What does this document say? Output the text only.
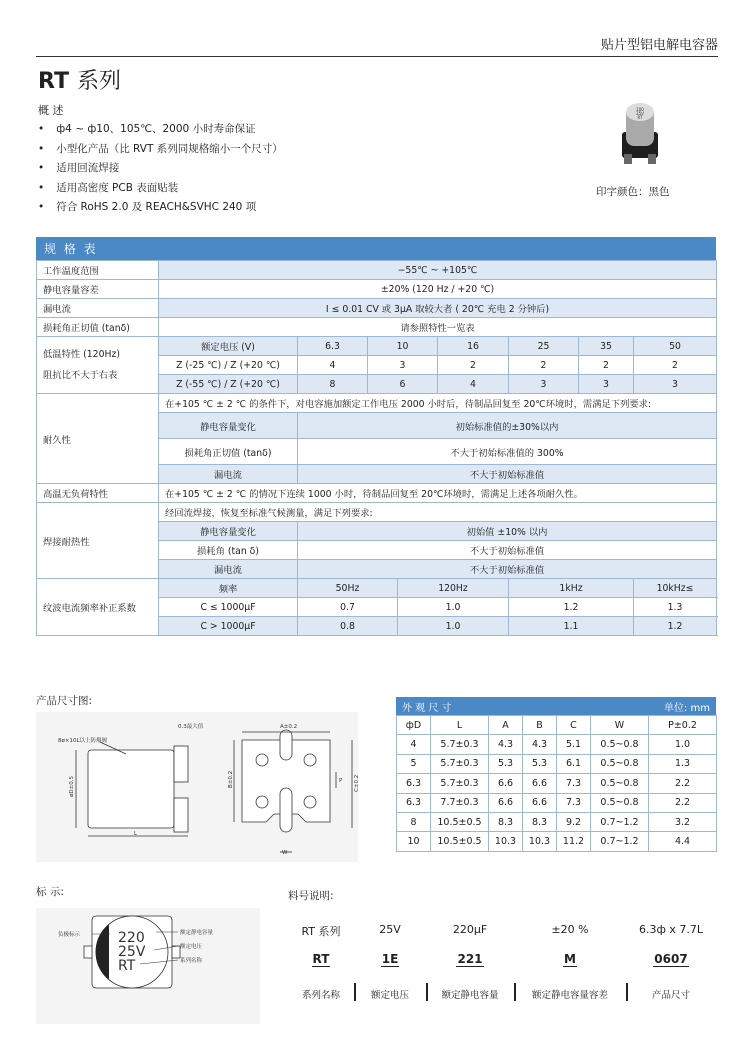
贴片型铝电解电容器
RT 系列
概 述
• ф4 ~ ф10、105℃、2000 小时寿命保证
• 小型化产品（比 RVT 系列同规格缩小一个尺寸）
• 适用回流焊接
• 适用高密度 PCB 表面贴装
• 符合 RoHS 2.0 及 REACH&SVHC 240 项
100
25V
RT
印字颜色：黑色
规 格 表
工作温度范围	−55℃ ~ +105℃							
静电容量容差	±20% (120 Hz / +20 ℃)							
漏电流	I ≤ 0.01 CV 或 3μA 取较大者 ( 20℃ 充电 2 分钟后)							
损耗角正切值 (tanδ)	请参照特性一览表							
低温特性 (120Hz)
阻抗比不大于右表	额定电压 (V)	6.3	10		16	25	35	50
	Z (-25 ℃) / Z (+20 ℃)	4	3		2	2	2	2
	Z (-55 ℃) / Z (+20 ℃)	8	6		4	3	3	3
耐久性	在+105 ℃ ± 2 ℃ 的条件下，对电容施加额定工作电压 2000 小时后，待制品回复至 20℃环境时，需满足下列要求:							
	静电容量变化	初始标准值的±30%以内						
	损耗角正切值 (tanδ)	不大于初始标准值的 300%						
	漏电流	不大于初始标准值						
高温无负荷特性	在+105 ℃ ± 2 ℃ 的情况下连续 1000 小时，待制品回复至 20℃环境时，需满足上述各项耐久性。							
焊接耐热性	经回流焊接，恢复至标准气候测量，满足下列要求:							
	静电容量变化	初始值 ±10% 以内						
	损耗角 (tan δ)	不大于初始标准值						
	漏电流	不大于初始标准值						
纹波电流频率补正系数	频率	50Hz		120Hz		1kHz		10kHz≤
	C ≤ 1000μF	0.7		1.0		1.2		1.3
	C > 1000μF	0.8		1.0		1.1		1.2
产品尺寸图:
L
8ø×10L以上防爆阀
0.3最大值
øD±0.5
A±0.2
B±0.2	C±0.2
P
W
外 观 尺 寸	单位: mm
фD	L	A	B	C	W	P±0.2
4	5.7±0.3	4.3	4.3	5.1	0.5~0.8	1.0
5	5.7±0.3	5.3	5.3	6.1	0.5~0.8	1.3
6.3	5.7±0.3	6.6	6.6	7.3	0.5~0.8	2.2
6.3	7.7±0.3	6.6	6.6	7.3	0.5~0.8	2.2
8	10.5±0.5	8.3	8.3	9.2	0.7~1.2	3.2
10	10.5±0.5	10.3	10.3	11.2	0.7~1.2	4.4
标 示:
220
25V
RT
负极标示	额定静电容量
额定电压
系列名称
料号说明:
RT 系列	25V	220μF	±20 %	6.3ф x 7.7L
RT	1E	221	M	0607
系列名称	额定电压	额定静电容量	额定静电容量容差	产品尺寸
